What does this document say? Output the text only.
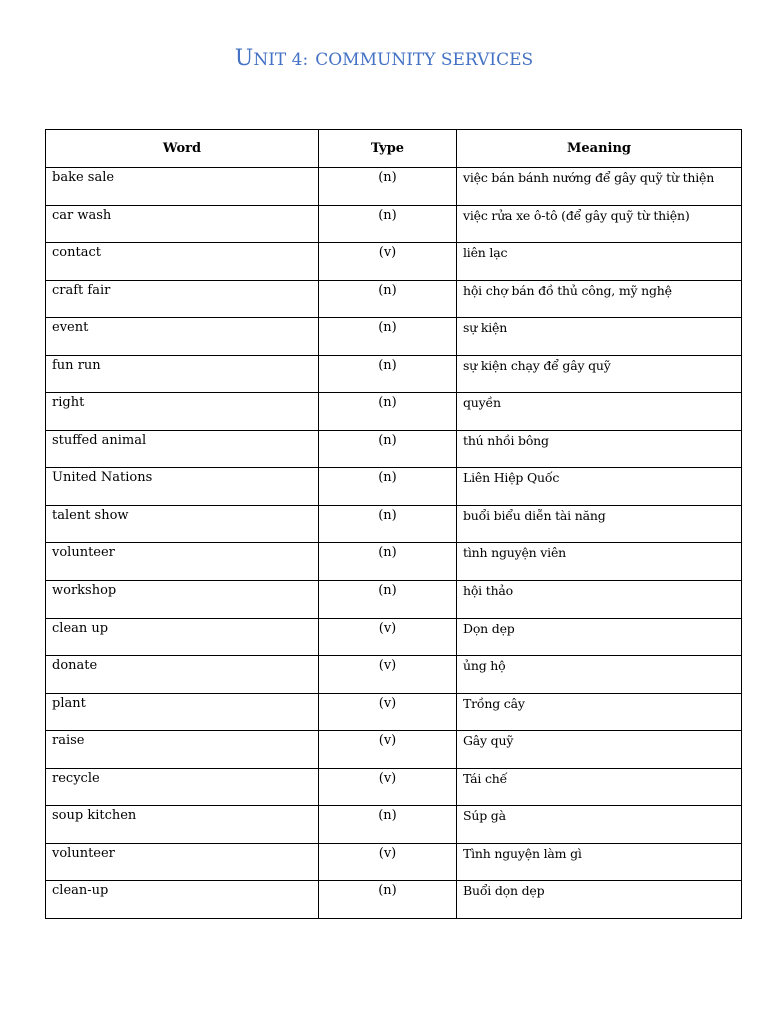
UNIT 4: COMMUNITY SERVICES
Word	Type	Meaning
bake sale	(n)	việc bán bánh nướng để gây quỹ từ thiện
car wash	(n)	việc rửa xe ô-tô (để gây quỹ từ thiện)
contact	(v)	liên lạc
craft fair	(n)	hội chợ bán đồ thủ công, mỹ nghệ
event	(n)	sự kiện
fun run	(n)	sự kiện chạy để gây quỹ
right	(n)	quyền
stuffed animal	(n)	thú nhồi bông
United Nations	(n)	Liên Hiệp Quốc
talent show	(n)	buổi biểu diễn tài năng
volunteer	(n)	tình nguyện viên
workshop	(n)	hội thảo
clean up	(v)	Dọn dẹp
donate	(v)	ủng hộ
plant	(v)	Trồng cây
raise	(v)	Gây quỹ
recycle	(v)	Tái chế
soup kitchen	(n)	Súp gà
volunteer	(v)	Tình nguyện làm gì
clean-up	(n)	Buổi dọn dẹp
